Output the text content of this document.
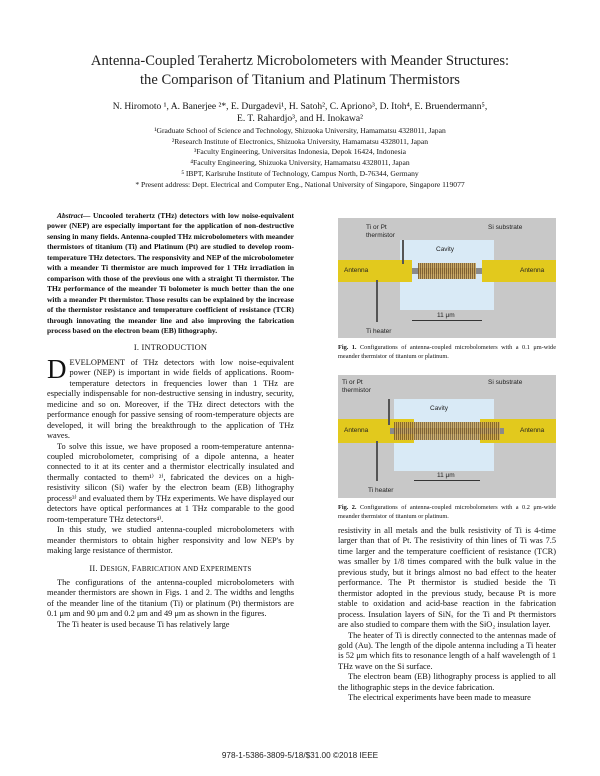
Antenna-Coupled Terahertz Microbolometers with Meander Structures:
the Comparison of Titanium and Platinum Thermistors
N. Hiromoto ¹, A. Banerjee ²*, E. Durgadevi¹, H. Satoh², C. Apriono³, D. Itoh⁴, E. Bruendermann⁵,
E. T. Rahardjo³, and H. Inokawa²
¹Graduate School of Science and Technology, Shizuoka University, Hamamatsu 4328011, Japan
²Research Institute of Electronics, Shizuoka University, Hamamatsu 4328011, Japan
³Faculty Engineering, Universitas Indonesia, Depok 16424, Indonesia
⁴Faculty Engineering, Shizuoka University, Hamamatsu 4328011, Japan
⁵ IBPT, Karlsruhe Institute of Technology, Campus North, D-76344, Germany
* Present address: Dept. Electrical and Computer Eng., National University of Singapore, Singapore 119077

Abstract— Uncooled terahertz (THz) detectors with low noise-equivalent power (NEP) are especially important for the application of non-destructive sensing in many fields. Antenna-coupled THz microbolometers with meander thermistors of titanium (Ti) and Platinum (Pt) are studied to develop room-temperature THz detectors. The responsivity and NEP of the microbolometer with a meander Ti thermistor are much improved for 1 THz irradiation in comparison with those of the previous one with a straight Ti thermistor. The THz performance of the meander Ti bolometer is much better than the one with a meander Pt thermistor. Those results can be explained by the increase of the thermistor resistance and temperature coefficient of resistance (TCR) through innovating the meander line and also improving the fabrication process based on the electron beam (EB) lithography.

I. INTRODUCTION

DEVELOPMENT of THz detectors with low noise-equivalent power (NEP) is important in wide fields of applications. Room-temperature detectors in frequencies lower than 1 THz are especially indispensable for non-destructive sensing in industry, security, medicine and so on. Moreover, if the THz direct detectors with the performance enough for passive sensing of room-temperature objects are developed, it will bring the breakthrough to the application of THz waves.

To solve this issue, we have proposed a room-temperature antenna-coupled microbolometer, comprising of a dipole antenna, a heater connected to it at its center and a thermistor electrically insulated and thermally contacted to them¹⁾ ²⁾, fabricated the devices on a high-resistivity silicon (Si) wafer by the electron beam (EB) lithography process³⁾ and evaluated them by THz experiments. We have displayed our detectors have optical performances at 1 THz comparable to the good room-temperature THz detectors⁴⁾.

In this study, we studied antenna-coupled microbolometers with meander thermistors to obtain higher responsivity and low NEP's by making large resistance of thermistor.

II. DESIGN, FABRICATION AND EXPERIMENTS

The configurations of the antenna-coupled microbolometers with meander thermistors are shown in Figs. 1 and 2. The widths and lengths of the meander line of the titanium (Ti) or platinum (Pt) thermistors are 0.1 μm and 90 μm and 0.2 μm and 49 μm as shown in the figures.

The Ti heater is used because Ti has relatively large

Ti or Pt
thermistor
Si substrate
Cavity
Antenna	Antenna
Ti heater
11 μm

Fig. 1. Configurations of antenna-coupled microbolometers with a 0.1 μm-wide meander thermistor of titanium or platinum.

Ti or Pt
thermistor
Si substrate
Cavity
Antenna	Antenna
Ti heater
11 μm

Fig. 2. Configurations of antenna-coupled microbolometers with a 0.2 μm-wide meander thermistor of titanium or platinum.

resistivity in all metals and the bulk resistivity of Ti is 4-time larger than that of Pt. The resistivity of thin lines of Ti was 7.5 time larger and the temperature coefficient of resistance (TCR) was smaller by 1/8 times compared with the bulk value in the previous study, but it brings almost no bad effect to the heater performance. The Pt thermistor is studied beside the Ti thermistor adopted in the previous study, because Pt is more stable to oxidation and acid-base reaction in the fabrication process. Insulation layers of SiNₓ for the Ti and Pt thermistors are also studied to compare them with the SiO₂ insulation layer.

The heater of Ti is directly connected to the antennas made of gold (Au). The length of the dipole antenna including a Ti heater is 52 μm which fits to resonance length of a half wavelength of 1 THz wave on the Si surface.

The electron beam (EB) lithography process is applied to all the lithographic steps in the device fabrication.

The electrical experiments have been made to measure

978-1-5386-3809-5/18/$31.00 ©2018 IEEE
